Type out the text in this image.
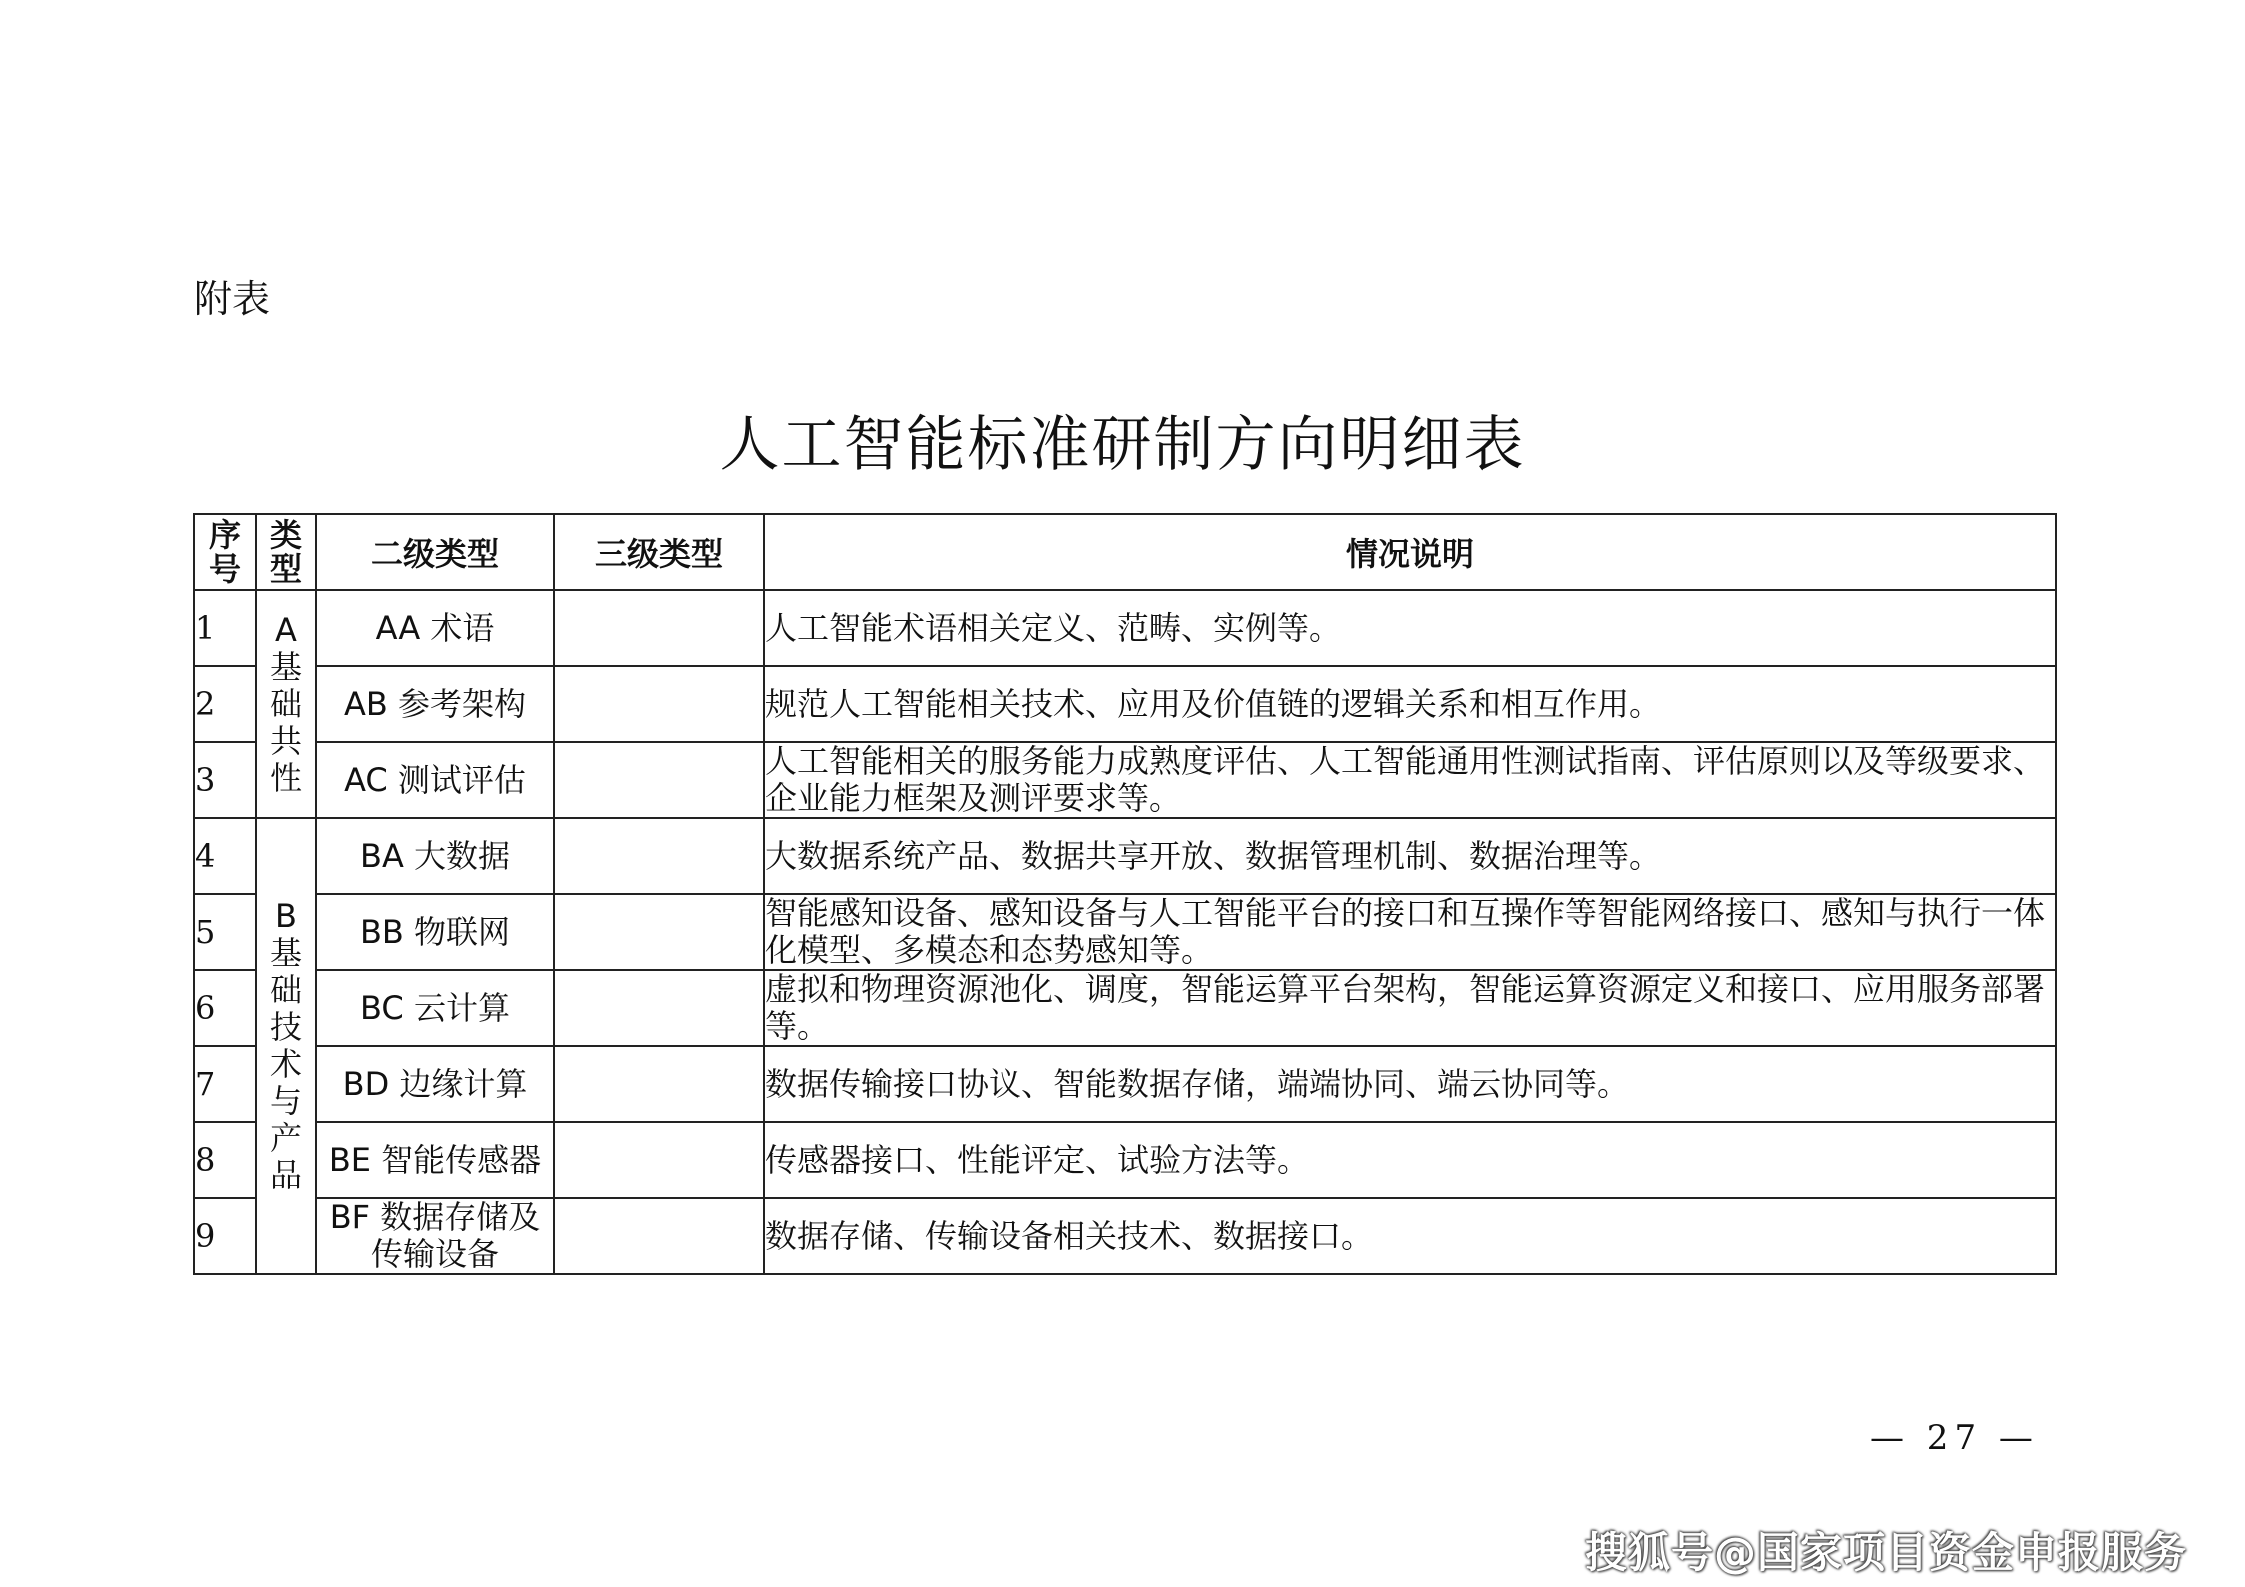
附表
人工智能标准研制方向明细表
序号	类型	二级类型	三级类型	情况说明
1	A基础共性	AA 术语		人工智能术语相关定义、范畴、实例等。
2		AB 参考架构		规范人工智能相关技术、应用及价值链的逻辑关系和相互作用。
3		AC 测试评估		人工智能相关的服务能力成熟度评估、人工智能通用性测试指南、评估原则以及等级要求、企业能力框架及测评要求等。
4	B基础技术与产品	BA 大数据		大数据系统产品、数据共享开放、数据管理机制、数据治理等。
5		BB 物联网		智能感知设备、感知设备与人工智能平台的接口和互操作等智能网络接口、感知与执行一体化模型、多模态和态势感知等。
6		BC 云计算		虚拟和物理资源池化、调度，智能运算平台架构，智能运算资源定义和接口、应用服务部署等。
7		BD 边缘计算		数据传输接口协议、智能数据存储，端端协同、端云协同等。
8		BE 智能传感器		传感器接口、性能评定、试验方法等。
9		BF 数据存储及传输设备		数据存储、传输设备相关技术、数据接口。
— 27 —
搜狐号@国家项目资金申报服务
